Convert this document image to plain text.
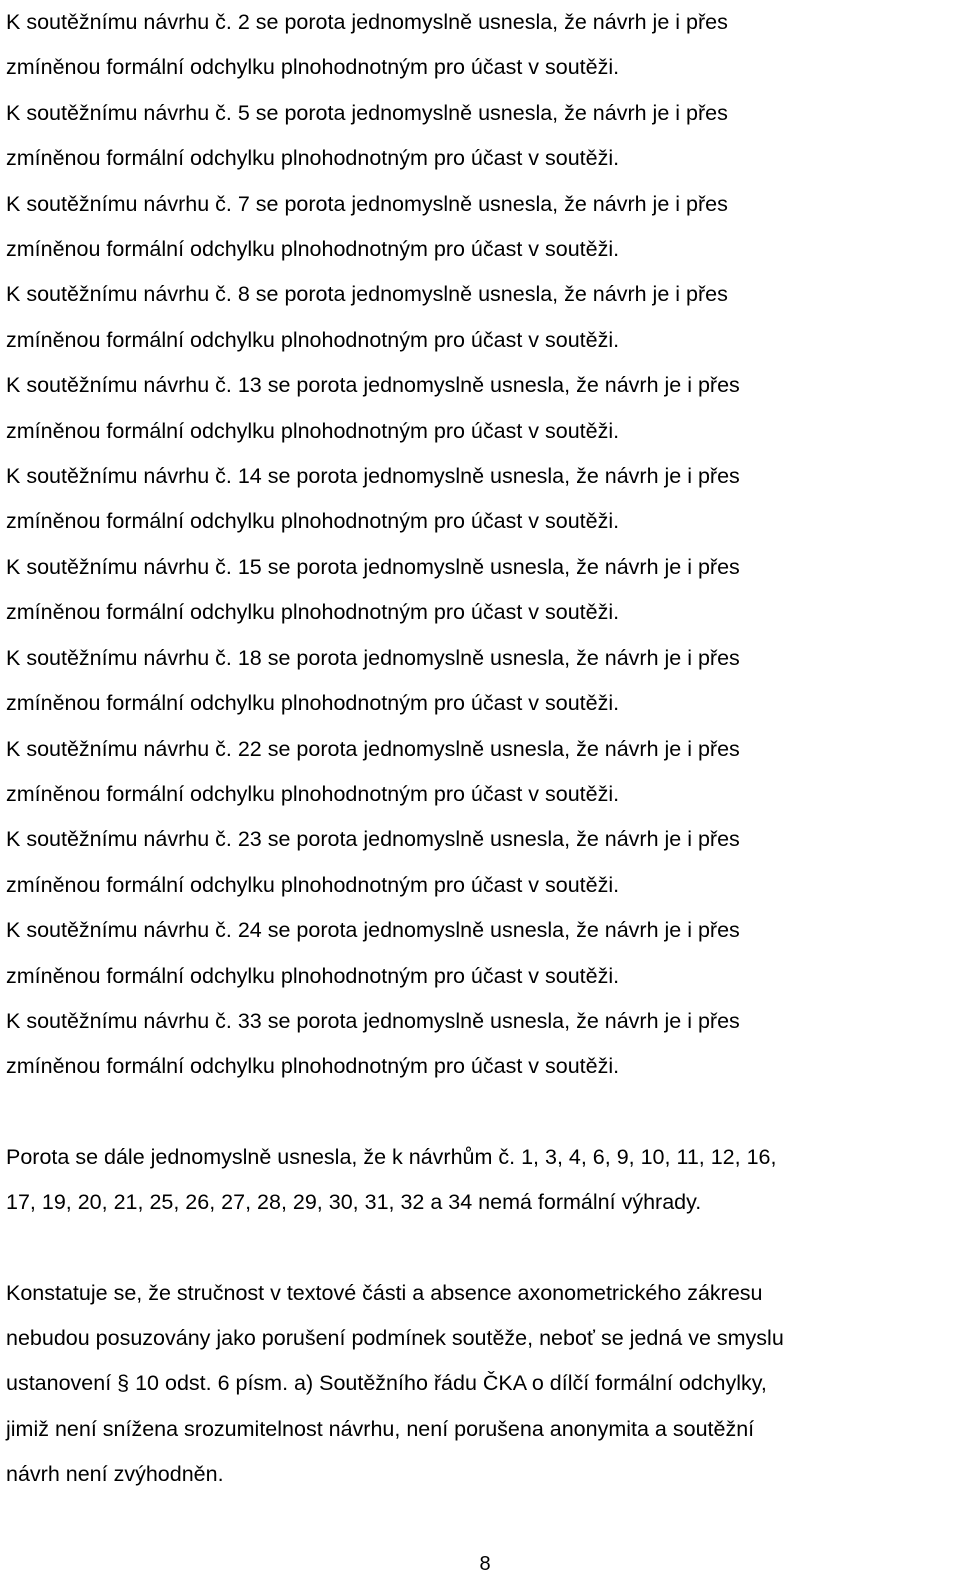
K soutěžnímu návrhu č. 2 se porota jednomyslně usnesla, že návrh je i přes
zmíněnou formální odchylku plnohodnotným pro účast v soutěži.

K soutěžnímu návrhu č. 5 se porota jednomyslně usnesla, že návrh je i přes
zmíněnou formální odchylku plnohodnotným pro účast v soutěži.

K soutěžnímu návrhu č. 7 se porota jednomyslně usnesla, že návrh je i přes
zmíněnou formální odchylku plnohodnotným pro účast v soutěži.

K soutěžnímu návrhu č. 8 se porota jednomyslně usnesla, že návrh je i přes
zmíněnou formální odchylku plnohodnotným pro účast v soutěži.

K soutěžnímu návrhu č. 13 se porota jednomyslně usnesla, že návrh je i přes
zmíněnou formální odchylku plnohodnotným pro účast v soutěži.

K soutěžnímu návrhu č. 14 se porota jednomyslně usnesla, že návrh je i přes
zmíněnou formální odchylku plnohodnotným pro účast v soutěži.

K soutěžnímu návrhu č. 15 se porota jednomyslně usnesla, že návrh je i přes
zmíněnou formální odchylku plnohodnotným pro účast v soutěži.

K soutěžnímu návrhu č. 18 se porota jednomyslně usnesla, že návrh je i přes
zmíněnou formální odchylku plnohodnotným pro účast v soutěži.

K soutěžnímu návrhu č. 22 se porota jednomyslně usnesla, že návrh je i přes
zmíněnou formální odchylku plnohodnotným pro účast v soutěži.

K soutěžnímu návrhu č. 23 se porota jednomyslně usnesla, že návrh je i přes
zmíněnou formální odchylku plnohodnotným pro účast v soutěži.

K soutěžnímu návrhu č. 24 se porota jednomyslně usnesla, že návrh je i přes
zmíněnou formální odchylku plnohodnotným pro účast v soutěži.

K soutěžnímu návrhu č. 33 se porota jednomyslně usnesla, že návrh je i přes
zmíněnou formální odchylku plnohodnotným pro účast v soutěži.

Porota se dále jednomyslně usnesla, že k návrhům č. 1, 3, 4, 6, 9, 10, 11, 12, 16,
17, 19, 20, 21, 25, 26, 27, 28, 29, 30, 31, 32 a 34 nemá formální výhrady.

Konstatuje se, že stručnost v textové části a absence axonometrického zákresu
nebudou posuzovány jako porušení podmínek soutěže, neboť se jedná ve smyslu
ustanovení § 10 odst. 6 písm. a) Soutěžního řádu ČKA o dílčí formální odchylky,
jimiž není snížena srozumitelnost návrhu, není porušena anonymita a soutěžní
návrh není zvýhodněn.

8
